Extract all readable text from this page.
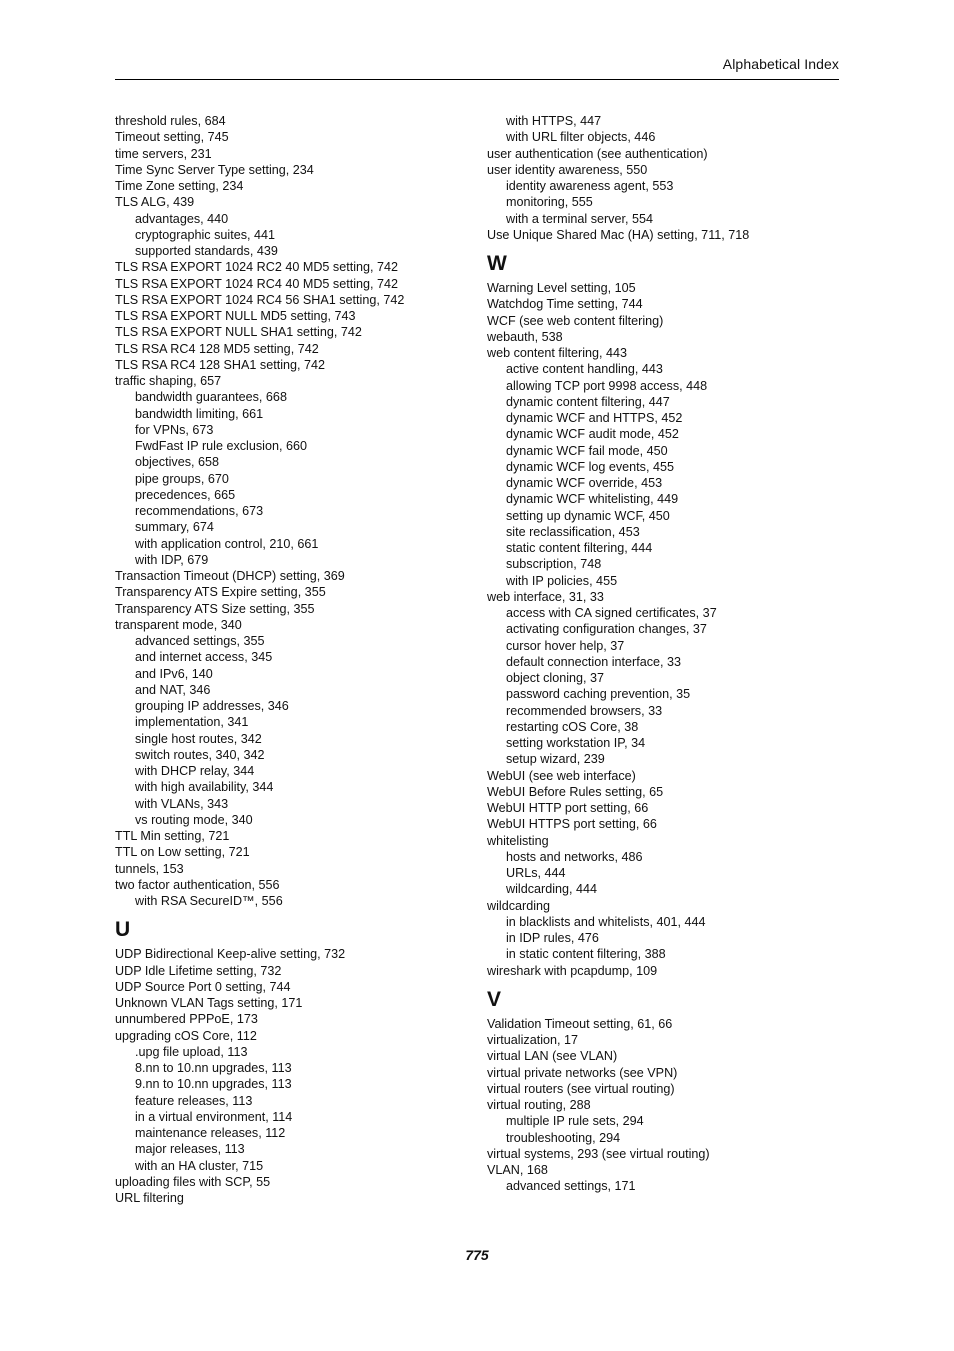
Alphabetical Index
threshold rules, 684
Timeout setting, 745
time servers, 231
Time Sync Server Type setting, 234
Time Zone setting, 234
TLS ALG, 439
advantages, 440
cryptographic suites, 441
supported standards, 439
TLS RSA EXPORT 1024 RC2 40 MD5 setting, 742
TLS RSA EXPORT 1024 RC4 40 MD5 setting, 742
TLS RSA EXPORT 1024 RC4 56 SHA1 setting, 742
TLS RSA EXPORT NULL MD5 setting, 743
TLS RSA EXPORT NULL SHA1 setting, 742
TLS RSA RC4 128 MD5 setting, 742
TLS RSA RC4 128 SHA1 setting, 742
traffic shaping, 657
bandwidth guarantees, 668
bandwidth limiting, 661
for VPNs, 673
FwdFast IP rule exclusion, 660
objectives, 658
pipe groups, 670
precedences, 665
recommendations, 673
summary, 674
with application control, 210, 661
with IDP, 679
Transaction Timeout (DHCP) setting, 369
Transparency ATS Expire setting, 355
Transparency ATS Size setting, 355
transparent mode, 340
advanced settings, 355
and internet access, 345
and IPv6, 140
and NAT, 346
grouping IP addresses, 346
implementation, 341
single host routes, 342
switch routes, 340, 342
with DHCP relay, 344
with high availability, 344
with VLANs, 343
vs routing mode, 340
TTL Min setting, 721
TTL on Low setting, 721
tunnels, 153
two factor authentication, 556
with RSA SecureID™, 556
U
UDP Bidirectional Keep-alive setting, 732
UDP Idle Lifetime setting, 732
UDP Source Port 0 setting, 744
Unknown VLAN Tags setting, 171
unnumbered PPPoE, 173
upgrading cOS Core, 112
.upg file upload, 113
8.nn to 10.nn upgrades, 113
9.nn to 10.nn upgrades, 113
feature releases, 113
in a virtual environment, 114
maintenance releases, 112
major releases, 113
with an HA cluster, 715
uploading files with SCP, 55
URL filtering
with HTTPS, 447
with URL filter objects, 446
user authentication (see authentication)
user identity awareness, 550
identity awareness agent, 553
monitoring, 555
with a terminal server, 554
Use Unique Shared Mac (HA) setting, 711, 718
W
Warning Level setting, 105
Watchdog Time setting, 744
WCF (see web content filtering)
webauth, 538
web content filtering, 443
active content handling, 443
allowing TCP port 9998 access, 448
dynamic content filtering, 447
dynamic WCF and HTTPS, 452
dynamic WCF audit mode, 452
dynamic WCF fail mode, 450
dynamic WCF log events, 455
dynamic WCF override, 453
dynamic WCF whitelisting, 449
setting up dynamic WCF, 450
site reclassification, 453
static content filtering, 444
subscription, 748
with IP policies, 455
web interface, 31, 33
access with CA signed certificates, 37
activating configuration changes, 37
cursor hover help, 37
default connection interface, 33
object cloning, 37
password caching prevention, 35
recommended browsers, 33
restarting cOS Core, 38
setting workstation IP, 34
setup wizard, 239
WebUI (see web interface)
WebUI Before Rules setting, 65
WebUI HTTP port setting, 66
WebUI HTTPS port setting, 66
whitelisting
hosts and networks, 486
URLs, 444
wildcarding, 444
wildcarding
in blacklists and whitelists, 401, 444
in IDP rules, 476
in static content filtering, 388
wireshark with pcapdump, 109
V
Validation Timeout setting, 61, 66
virtualization, 17
virtual LAN (see VLAN)
virtual private networks (see VPN)
virtual routers (see virtual routing)
virtual routing, 288
multiple IP rule sets, 294
troubleshooting, 294
virtual systems, 293 (see virtual routing)
VLAN, 168
advanced settings, 171
775
